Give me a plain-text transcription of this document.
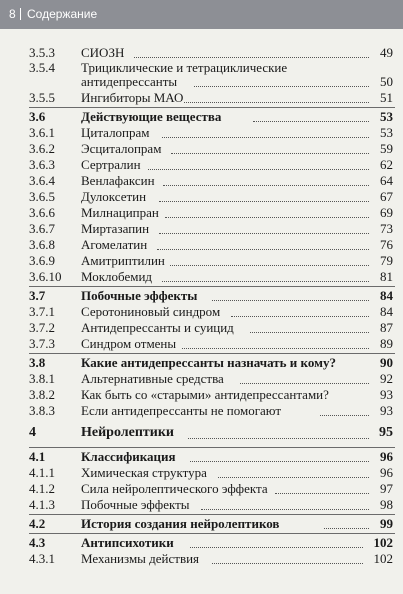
8 Содержание
3.5.3 СИОЗН	49
3.5.4 Трициклические и тетрациклические
антидепрессанты	50
3.5.5 Ингибиторы МАО	51
3.6	Действующие вещества	53
3.6.1 Циталопрам	53
3.6.2 Эсциталопрам	59
3.6.3 Сертралин	62
3.6.4 Венлафаксин	64
3.6.5 Дулоксетин	67
3.6.6 Милнаципран	69
3.6.7 Миртазапин	73
3.6.8 Агомелатин	76
3.6.9 Амитриптилин	79
3.6.10 Моклобемид	81
3.7	Побочные эффекты	84
3.7.1 Серотониновый синдром	84
3.7.2 Антидепрессанты и суицид	87
3.7.3 Синдром отмены	89
3.8	Какие антидепрессанты назначать и кому?	90
3.8.1 Альтернативные средства	92
3.8.2 Как быть со «старыми» антидепрессантами?	93
3.8.3 Если антидепрессанты не помогают	93
4	Нейролептики	95
4.1	Классификация	96
4.1.1 Химическая структура	96
4.1.2 Сила нейролептического эффекта	97
4.1.3 Побочные эффекты	98
4.2	История создания нейролептиков	99
4.3	Антипсихотики	102
4.3.1 Механизмы действия	102
